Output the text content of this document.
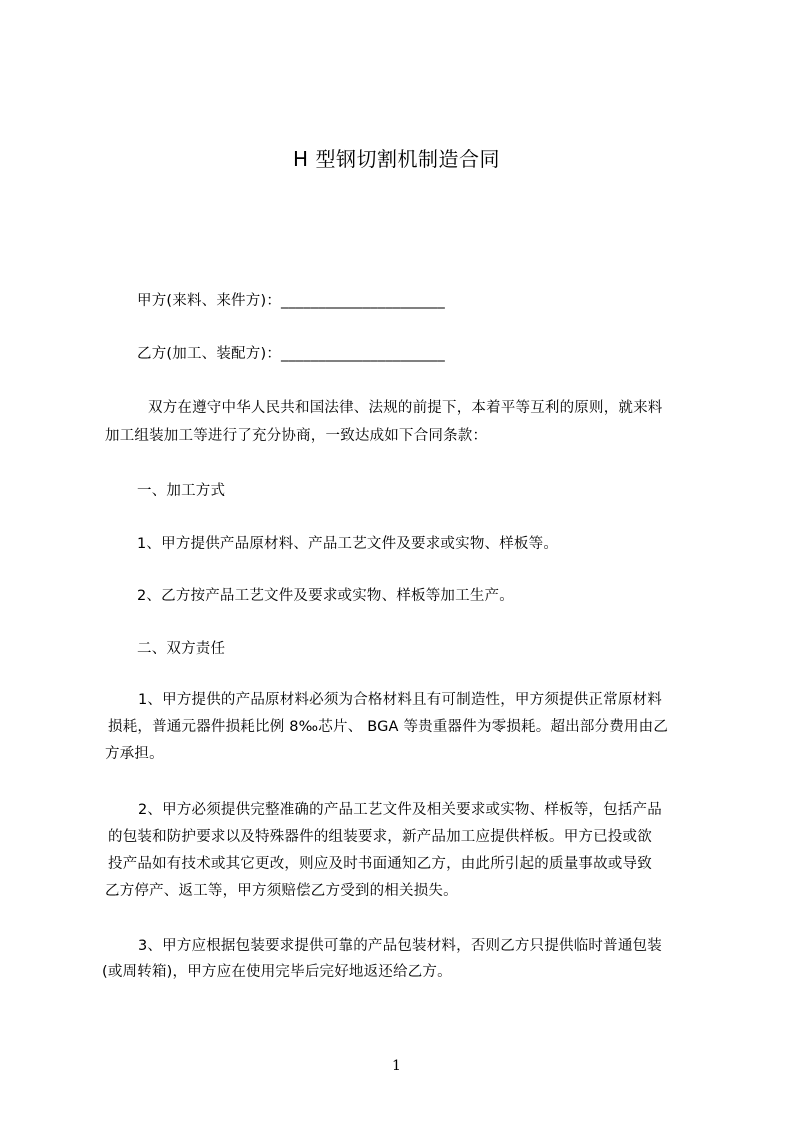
H 型钢切割机制造合同
甲方(来料、来件方)：______________________
乙方(加工、装配方)：______________________
双方在遵守中华人民共和国法律、法规的前提下，本着平等互利的原则，就来料
加工组装加工等进行了充分协商，一致达成如下合同条款：
一、加工方式
1、甲方提供产品原材料、产品工艺文件及要求或实物、样板等。
2、乙方按产品工艺文件及要求或实物、样板等加工生产。
二、双方责任
1、甲方提供的产品原材料必须为合格材料且有可制造性，甲方须提供正常原材料
损耗，普通元器件损耗比例 8‰芯片、 BGA 等贵重器件为零损耗。超出部分费用由乙
方承担。
2、甲方必须提供完整准确的产品工艺文件及相关要求或实物、样板等，包括产品
的包装和防护要求以及特殊器件的组装要求，新产品加工应提供样板。甲方已投或欲
投产品如有技术或其它更改，则应及时书面通知乙方，由此所引起的质量事故或导致
乙方停产、返工等，甲方须赔偿乙方受到的相关损失。
3、甲方应根据包装要求提供可靠的产品包装材料，否则乙方只提供临时普通包装
(或周转箱)，甲方应在使用完毕后完好地返还给乙方。
1
